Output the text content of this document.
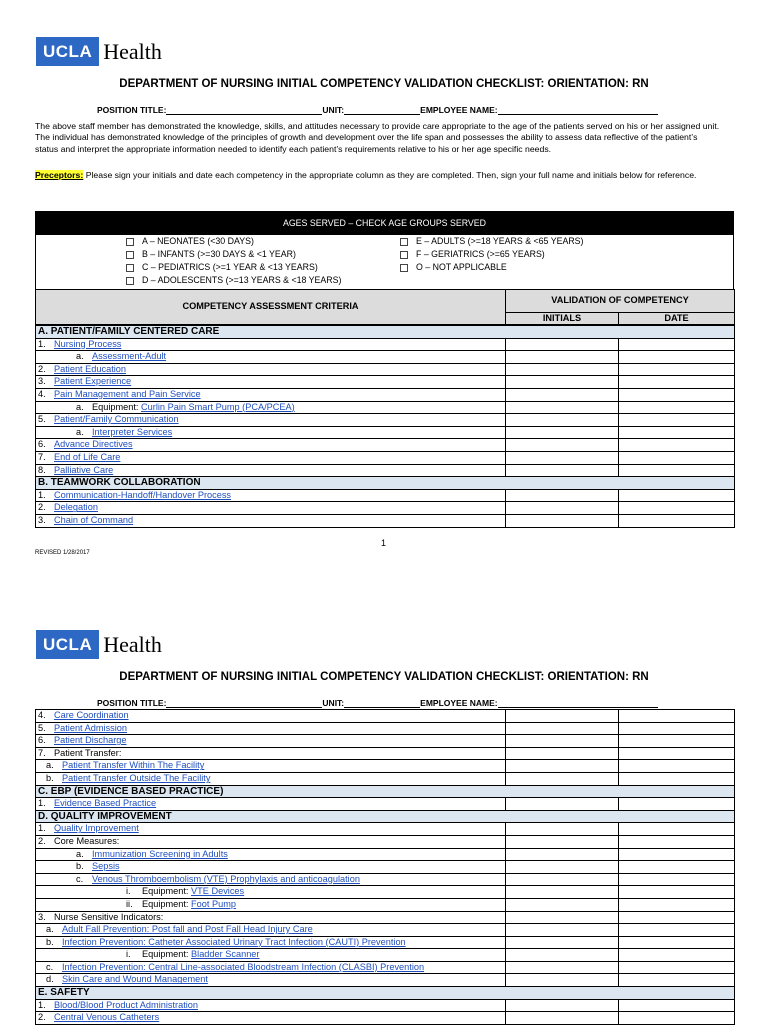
UCLA Health
DEPARTMENT OF NURSING INITIAL COMPETENCY VALIDATION CHECKLIST: ORIENTATION: RN
POSITION TITLE:	UNIT:	EMPLOYEE NAME:
The above staff member has demonstrated the knowledge, skills, and attitudes necessary to provide care appropriate to the age of the patients served on his or her assigned unit. The individual has demonstrated knowledge of the principles of growth and development over the life span and possesses the ability to assess data reflective of the patient’s status and interpret the appropriate information needed to identify each patient’s requirements relative to his or her age specific needs.
Preceptors: Please sign your initials and date each competency in the appropriate column as they are completed. Then, sign your full name and initials below for reference.
AGES SERVED – CHECK AGE GROUPS SERVED
A – NEONATES (<30 DAYS)
B – INFANTS (>=30 DAYS & <1 YEAR)
C – PEDIATRICS (>=1 YEAR & <13 YEARS)
D – ADOLESCENTS (>=13 YEARS & <18 YEARS)
E – ADULTS (>=18 YEARS & <65 YEARS)
F – GERIATRICS (>=65 YEARS)
O – NOT APPLICABLE
COMPETENCY ASSESSMENT CRITERIA	VALIDATION OF COMPETENCY	
	INITIALS	DATE
A. PATIENT/FAMILY CENTERED CARE		
1. Nursing Process		
a. Assessment-Adult		
2. Patient Education		
3. Patient Experience		
4. Pain Management and Pain Service		
a. Equipment: Curlin Pain Smart Pump (PCA/PCEA)		
5. Patient/Family Communication		
a. Interpreter Services		
6. Advance Directives		
7. End of Life Care		
8. Palliative Care		
B. TEAMWORK COLLABORATION		
1. Communication-Handoff/Handover Process		
2. Delegation		
3. Chain of Command		
1
REVISED 1/28/2017
UCLA Health
DEPARTMENT OF NURSING INITIAL COMPETENCY VALIDATION CHECKLIST: ORIENTATION: RN
POSITION TITLE:	UNIT:	EMPLOYEE NAME:
4. Care Coordination		
5. Patient Admission		
6. Patient Discharge		
7. Patient Transfer:		
a. Patient Transfer Within The Facility		
b. Patient Transfer Outside The Facility		
C. EBP (EVIDENCE BASED PRACTICE)		
1. Evidence Based Practice		
D. QUALITY IMPROVEMENT		
1. Quality Improvement		
2. Core Measures:		
a. Immunization Screening in Adults		
b. Sepsis		
c. Venous Thromboembolism (VTE) Prophylaxis and anticoagulation		
i. Equipment: VTE Devices		
ii. Equipment: Foot Pump		
3. Nurse Sensitive Indicators:		
a. Adult Fall Prevention: Post fall and Post Fall Head Injury Care		
b. Infection Prevention: Catheter Associated Urinary Tract Infection (CAUTI) Prevention		
i. Equipment: Bladder Scanner		
c. Infection Prevention: Central Line-associated Bloodstream Infection (CLASBI) Prevention		
d. Skin Care and Wound Management		
E. SAFETY		
1. Blood/Blood Product Administration		
2. Central Venous Catheters		
